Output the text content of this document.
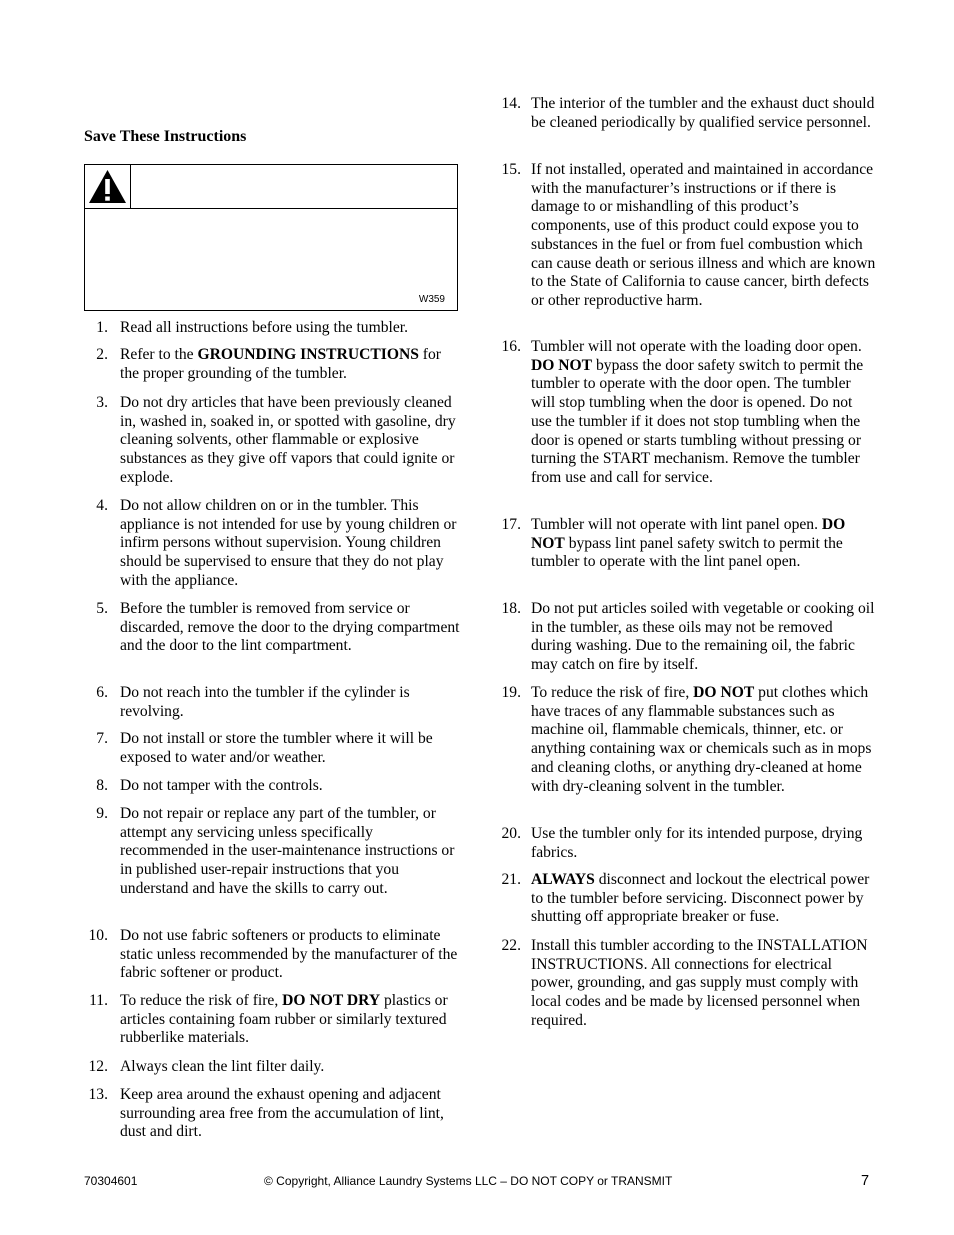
Save These Instructions
W359
1. Read all instructions before using the tumbler.
2. Refer to the GROUNDING INSTRUCTIONS for the proper grounding of the tumbler.
3. Do not dry articles that have been previously cleaned in, washed in, soaked in, or spotted with gasoline, dry cleaning solvents, other flammable or explosive substances as they give off vapors that could ignite or explode.
4. Do not allow children on or in the tumbler. This appliance is not intended for use by young children or infirm persons without supervision. Young children should be supervised to ensure that they do not play with the appliance.
5. Before the tumbler is removed from service or discarded, remove the door to the drying compartment and the door to the lint compartment.
6. Do not reach into the tumbler if the cylinder is revolving.
7. Do not install or store the tumbler where it will be exposed to water and/or weather.
8. Do not tamper with the controls.
9. Do not repair or replace any part of the tumbler, or attempt any servicing unless specifically recommended in the user-maintenance instructions or in published user-repair instructions that you understand and have the skills to carry out.
10. Do not use fabric softeners or products to eliminate static unless recommended by the manufacturer of the fabric softener or product.
11. To reduce the risk of fire, DO NOT DRY plastics or articles containing foam rubber or similarly textured rubberlike materials.
12. Always clean the lint filter daily.
13. Keep area around the exhaust opening and adjacent surrounding area free from the accumulation of lint, dust and dirt.
14. The interior of the tumbler and the exhaust duct should be cleaned periodically by qualified service personnel.
15. If not installed, operated and maintained in accordance with the manufacturer’s instructions or if there is damage to or mishandling of this product’s components, use of this product could expose you to substances in the fuel or from fuel combustion which can cause death or serious illness and which are known to the State of California to cause cancer, birth defects or other reproductive harm.
16. Tumbler will not operate with the loading door open. DO NOT bypass the door safety switch to permit the tumbler to operate with the door open. The tumbler will stop tumbling when the door is opened. Do not use the tumbler if it does not stop tumbling when the door is opened or starts tumbling without pressing or turning the START mechanism. Remove the tumbler from use and call for service.
17. Tumbler will not operate with lint panel open. DO NOT bypass lint panel safety switch to permit the tumbler to operate with the lint panel open.
18. Do not put articles soiled with vegetable or cooking oil in the tumbler, as these oils may not be removed during washing. Due to the remaining oil, the fabric may catch on fire by itself.
19. To reduce the risk of fire, DO NOT put clothes which have traces of any flammable substances such as machine oil, flammable chemicals, thinner, etc. or anything containing wax or chemicals such as in mops and cleaning cloths, or anything dry-cleaned at home with dry-cleaning solvent in the tumbler.
20. Use the tumbler only for its intended purpose, drying fabrics.
21. ALWAYS disconnect and lockout the electrical power to the tumbler before servicing. Disconnect power by shutting off appropriate breaker or fuse.
22. Install this tumbler according to the INSTALLATION INSTRUCTIONS. All connections for electrical power, grounding, and gas supply must comply with local codes and be made by licensed personnel when required.
70304601	© Copyright, Alliance Laundry Systems LLC – DO NOT COPY or TRANSMIT	7
